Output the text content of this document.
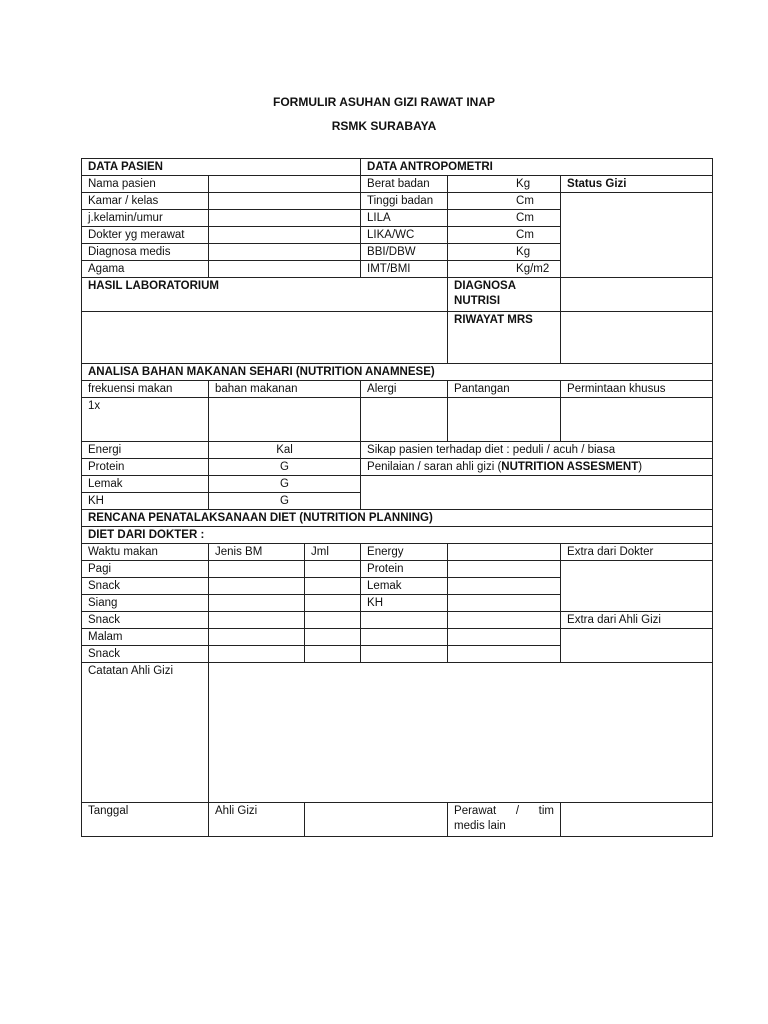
FORMULIR ASUHAN GIZI RAWAT INAP
RSMK SURABAYA
DATA PASIEN			DATA ANTROPOMETRI		
Nama pasien			Berat badan	Kg	Status Gizi
Kamar / kelas			Tinggi badan	Cm	
j.kelamin/umur			LILA	Cm	
Dokter yg merawat			LIKA/WC	Cm	
Diagnosa medis			BBI/DBW	Kg	
Agama			IMT/BMI	Kg/m2	
HASIL LABORATORIUM				DIAGNOSA NUTRISI	
				RIWAYAT MRS	
ANALISA BAHAN MAKANAN SEHARI (NUTRITION ANAMNESE)					
frekuensi makan	bahan makanan		Alergi	Pantangan	Permintaan khusus
1x					
Energi	Kal		Sikap pasien terhadap diet : peduli / acuh / biasa		
Protein	G		Penilaian / saran ahli gizi (NUTRITION ASSESMENT)		
Lemak	G				
KH	G				
RENCANA PENATALAKSANAAN DIET (NUTRITION PLANNING)					
DIET DARI DOKTER :					
Waktu makan	Jenis BM	Jml	Energy		Extra dari Dokter
Pagi			Protein		
Snack			Lemak		
Siang			KH		
Snack					Extra dari Ahli Gizi
Malam					
Snack					
Catatan Ahli Gizi					
Tanggal	Ahli Gizi			Perawat / tim
medis lain	
